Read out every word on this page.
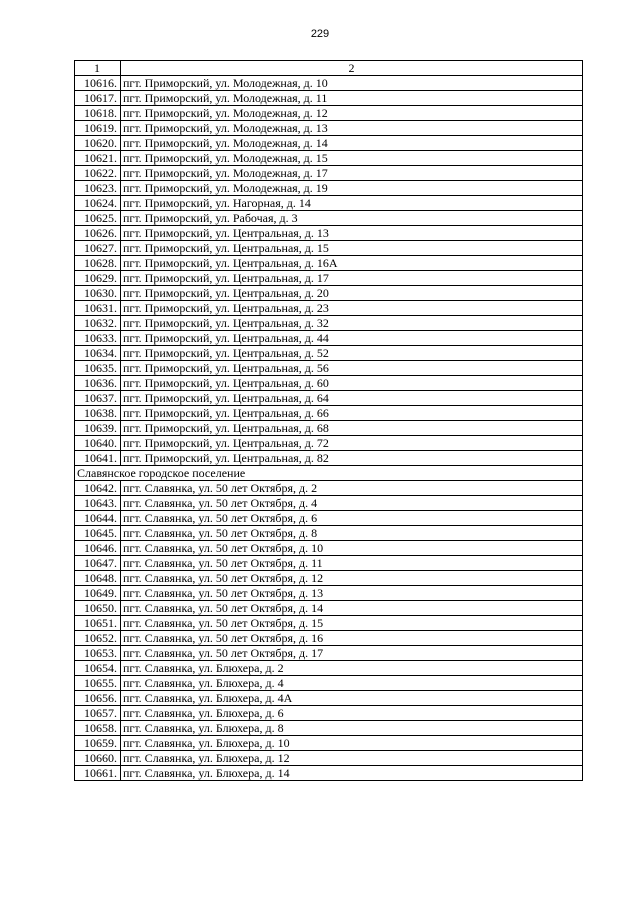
229
1	2
10616.	пгт. Приморский, ул. Молодежная, д. 10
10617.	пгт. Приморский, ул. Молодежная, д. 11
10618.	пгт. Приморский, ул. Молодежная, д. 12
10619.	пгт. Приморский, ул. Молодежная, д. 13
10620.	пгт. Приморский, ул. Молодежная, д. 14
10621.	пгт. Приморский, ул. Молодежная, д. 15
10622.	пгт. Приморский, ул. Молодежная, д. 17
10623.	пгт. Приморский, ул. Молодежная, д. 19
10624.	пгт. Приморский, ул. Нагорная, д. 14
10625.	пгт. Приморский, ул. Рабочая, д. 3
10626.	пгт. Приморский, ул. Центральная, д. 13
10627.	пгт. Приморский, ул. Центральная, д. 15
10628.	пгт. Приморский, ул. Центральная, д. 16А
10629.	пгт. Приморский, ул. Центральная, д. 17
10630.	пгт. Приморский, ул. Центральная, д. 20
10631.	пгт. Приморский, ул. Центральная, д. 23
10632.	пгт. Приморский, ул. Центральная, д. 32
10633.	пгт. Приморский, ул. Центральная, д. 44
10634.	пгт. Приморский, ул. Центральная, д. 52
10635.	пгт. Приморский, ул. Центральная, д. 56
10636.	пгт. Приморский, ул. Центральная, д. 60
10637.	пгт. Приморский, ул. Центральная, д. 64
10638.	пгт. Приморский, ул. Центральная, д. 66
10639.	пгт. Приморский, ул. Центральная, д. 68
10640.	пгт. Приморский, ул. Центральная, д. 72
10641.	пгт. Приморский, ул. Центральная, д. 82
Славянское городское поселение	
10642.	пгт. Славянка, ул. 50 лет Октября, д. 2
10643.	пгт. Славянка, ул. 50 лет Октября, д. 4
10644.	пгт. Славянка, ул. 50 лет Октября, д. 6
10645.	пгт. Славянка, ул. 50 лет Октября, д. 8
10646.	пгт. Славянка, ул. 50 лет Октября, д. 10
10647.	пгт. Славянка, ул. 50 лет Октября, д. 11
10648.	пгт. Славянка, ул. 50 лет Октября, д. 12
10649.	пгт. Славянка, ул. 50 лет Октября, д. 13
10650.	пгт. Славянка, ул. 50 лет Октября, д. 14
10651.	пгт. Славянка, ул. 50 лет Октября, д. 15
10652.	пгт. Славянка, ул. 50 лет Октября, д. 16
10653.	пгт. Славянка, ул. 50 лет Октября, д. 17
10654.	пгт. Славянка, ул. Блюхера, д. 2
10655.	пгт. Славянка, ул. Блюхера, д. 4
10656.	пгт. Славянка, ул. Блюхера, д. 4А
10657.	пгт. Славянка, ул. Блюхера, д. 6
10658.	пгт. Славянка, ул. Блюхера, д. 8
10659.	пгт. Славянка, ул. Блюхера, д. 10
10660.	пгт. Славянка, ул. Блюхера, д. 12
10661.	пгт. Славянка, ул. Блюхера, д. 14
